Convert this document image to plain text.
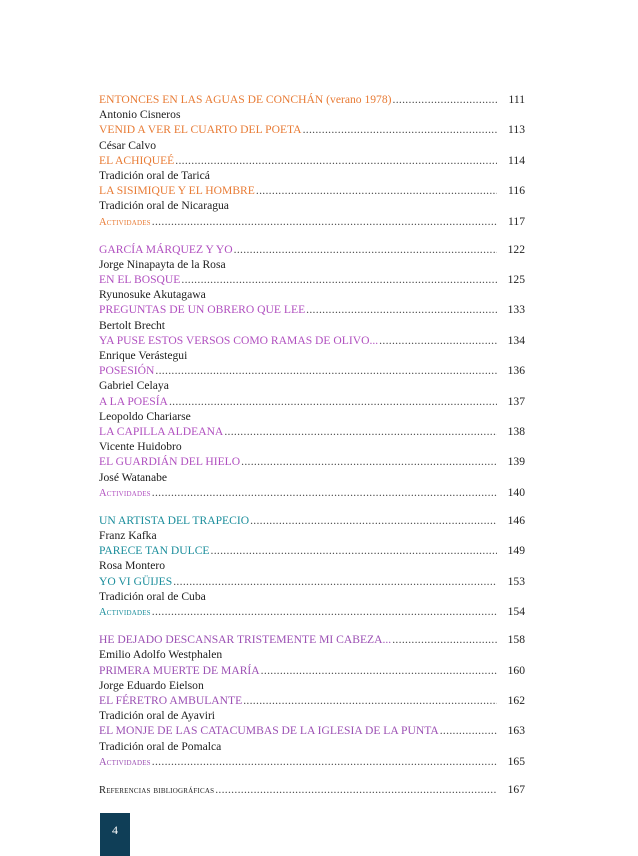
ENTONCES EN LAS AGUAS DE CONCHÁN (verano 1978) .....	111
Antonio Cisneros
VENID A VER EL CUARTO DEL POETA .....	113
César Calvo
EL ACHIQUEÉ .....	114
Tradición oral de Taricá
LA SISIMIQUE Y EL HOMBRE .....	116
Tradición oral de Nicaragua
Actividades .....	117
GARCÍA MÁRQUEZ Y YO .....	122
Jorge Ninapayta de la Rosa
EN EL BOSQUE .....	125
Ryunosuke Akutagawa
PREGUNTAS DE UN OBRERO QUE LEE .....	133
Bertolt Brecht
YA PUSE ESTOS VERSOS COMO RAMAS DE OLIVO... .....	134
Enrique Verástegui
POSESIÓN .....	136
Gabriel Celaya
A LA POESÍA .....	137
Leopoldo Chariarse
LA CAPILLA ALDEANA .....	138
Vicente Huidobro
EL GUARDIÁN DEL HIELO .....	139
José Watanabe
Actividades .....	140
UN ARTISTA DEL TRAPECIO .....	146
Franz Kafka
PARECE TAN DULCE .....	149
Rosa Montero
YO VI GÜIJES .....	153
Tradición oral de Cuba
Actividades .....	154
HE DEJADO DESCANSAR TRISTEMENTE MI CABEZA... .....	158
Emilio Adolfo Westphalen
PRIMERA MUERTE DE MARÍA .....	160
Jorge Eduardo Eielson
EL FÉRETRO AMBULANTE .....	162
Tradición oral de Ayaviri
EL MONJE DE LAS CATACUMBAS DE LA IGLESIA DE LA PUNTA .....	163
Tradición oral de Pomalca
Actividades .....	165
Referencias bibliográficas .....	167
4
